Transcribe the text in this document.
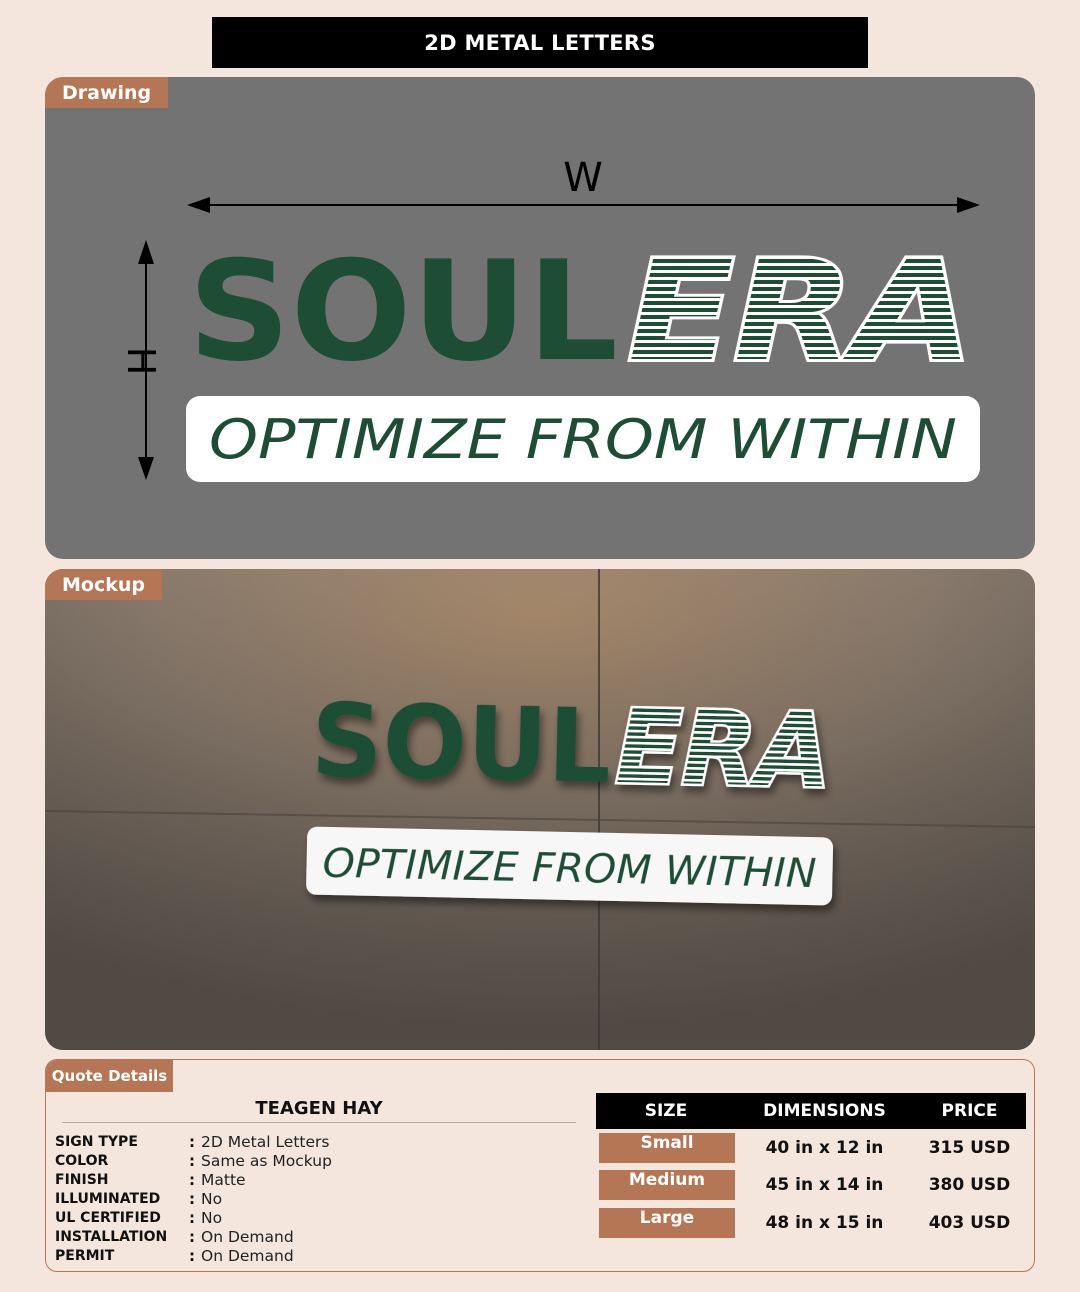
2D METAL LETTERS
Drawing
W
H SOUL ERA
OPTIMIZE FROM WITHIN
Mockup
SOUL
ERA
OPTIMIZE FROM WITHIN
Quote Details
TEAGEN HAY
SIGN TYPE	: 2D Metal Letters
COLOR	: Same as Mockup
FINISH	: Matte
ILLUMINATED	: No
UL CERTIFIED	: No
INSTALLATION	: On Demand
PERMIT	: On Demand
SIZE	DIMENSIONS	PRICE
Small	40 in x 12 in	315 USD
Medium	45 in x 14 in	380 USD
Large	48 in x 15 in	403 USD
